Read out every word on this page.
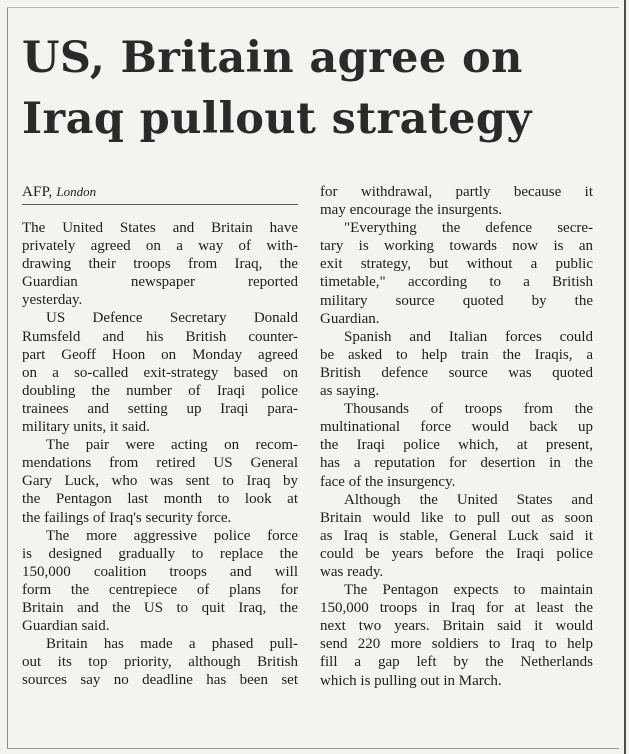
US, Britain agree on
Iraq pullout strategy
AFP, London
The United States and Britain have
privately agreed on a way of with-
drawing their troops from Iraq, the
Guardian newspaper reported
yesterday.
US Defence Secretary Donald
Rumsfeld and his British counter-
part Geoff Hoon on Monday agreed
on a so-called exit-strategy based on
doubling the number of Iraqi police
trainees and setting up Iraqi para-
military units, it said.
The pair were acting on recom-
mendations from retired US General
Gary Luck, who was sent to Iraq by
the Pentagon last month to look at
the failings of Iraq's security force.
The more aggressive police force
is designed gradually to replace the
150,000 coalition troops and will
form the centrepiece of plans for
Britain and the US to quit Iraq, the
Guardian said.
Britain has made a phased pull-
out its top priority, although British
sources say no deadline has been set
for withdrawal, partly because it
may encourage the insurgents.
"Everything the defence secre-
tary is working towards now is an
exit strategy, but without a public
timetable," according to a British
military source quoted by the
Guardian.
Spanish and Italian forces could
be asked to help train the Iraqis, a
British defence source was quoted
as saying.
Thousands of troops from the
multinational force would back up
the Iraqi police which, at present,
has a reputation for desertion in the
face of the insurgency.
Although the United States and
Britain would like to pull out as soon
as Iraq is stable, General Luck said it
could be years before the Iraqi police
was ready.
The Pentagon expects to maintain
150,000 troops in Iraq for at least the
next two years. Britain said it would
send 220 more soldiers to Iraq to help
fill a gap left by the Netherlands
which is pulling out in March.
